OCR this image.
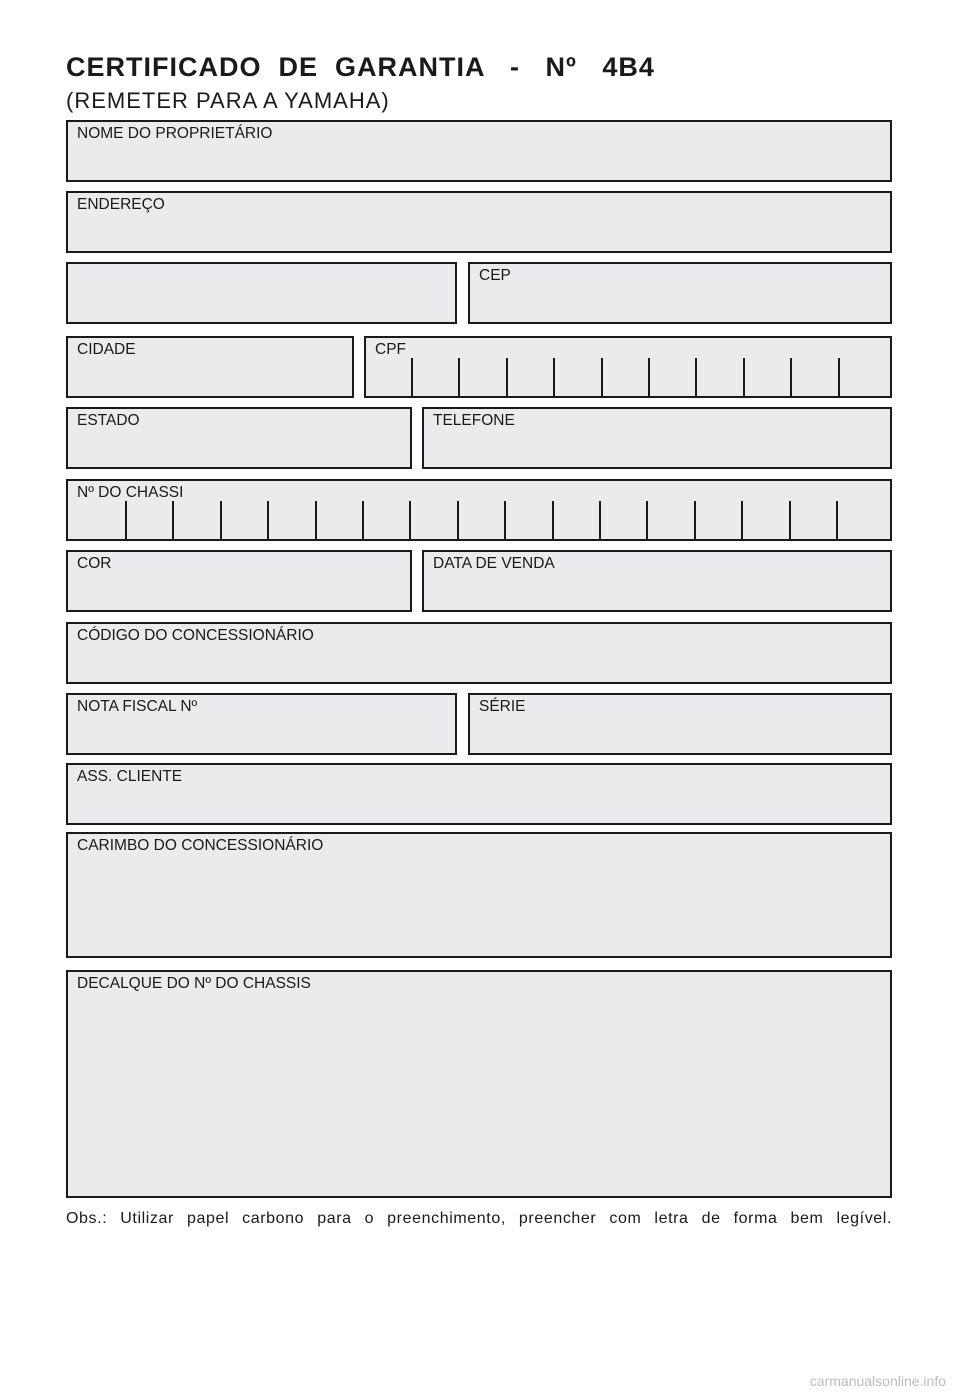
CERTIFICADO  DE  GARANTIA   -   Nº   4B4

(REMETER PARA A YAMAHA)

NOME DO PROPRIETÁRIO
ENDEREÇO
CEP
CIDADE	CPF
ESTADO	TELEFONE
Nº DO CHASSI
COR	DATA DE VENDA
CÓDIGO DO CONCESSIONÁRIO
NOTA FISCAL Nº	SÉRIE
ASS. CLIENTE
CARIMBO DO CONCESSIONÁRIO
DECALQUE DO Nº DO CHASSIS
Obs.: Utilizar papel carbono para o preenchimento, preencher com letra de forma bem legível.
carmanualsonline.info
